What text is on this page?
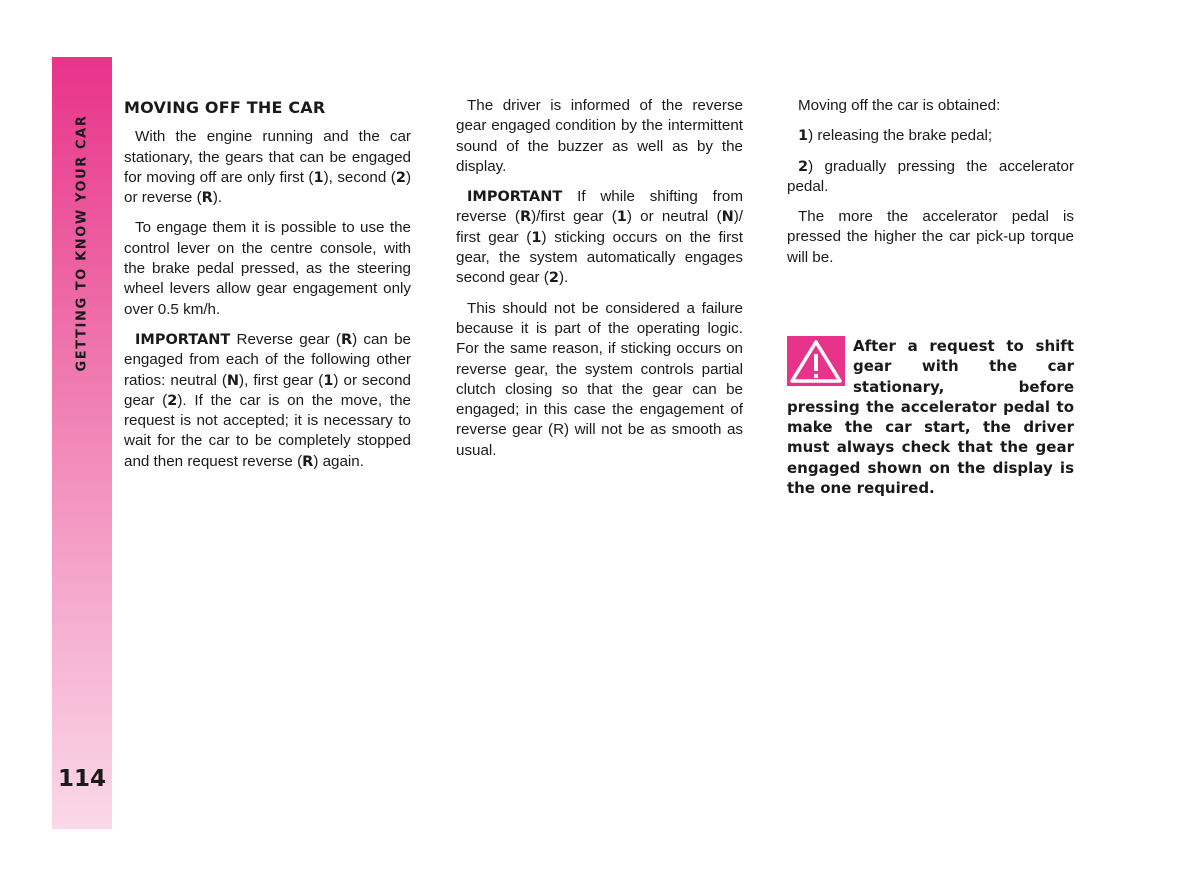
GETTING TO KNOW YOUR CAR
114
MOVING OFF THE CAR

With the engine running and the car stationary, the gears that can be engaged for moving off are only first (1), second (2) or reverse (R).

To engage them it is possible to use the control lever on the centre console, with the brake pedal pressed, as the steering wheel levers allow gear engagement only over 0.5 km/h.

IMPORTANT Reverse gear (R) can be engaged from each of the following other ratios: neutral (N), first gear (1) or second gear (2). If the car is on the move, the request is not accepted; it is necessary to wait for the car to be completely stopped and then request reverse (R) again.

The driver is informed of the reverse gear engaged condition by the intermittent sound of the buzzer as well as by the display.

IMPORTANT If while shifting from reverse (R)/first gear (1) or neutral (N)/ first gear (1) sticking occurs on the first gear, the system automatically engages second gear (2).

This should not be considered a failure because it is part of the operating logic. For the same reason, if sticking occurs on reverse gear, the system controls partial clutch closing so that the gear can be engaged; in this case the engagement of reverse gear (R) will not be as smooth as usual.

Moving off the car is obtained:

1) releasing the brake pedal;

2) gradually pressing the accelerator pedal.

The more the accelerator pedal is pressed the higher the car pick-up torque will be.

After a request to shift gear with the car stationary, before pressing the accelerator pedal to make the car start, the driver must always check that the gear engaged shown on the display is the one required.
